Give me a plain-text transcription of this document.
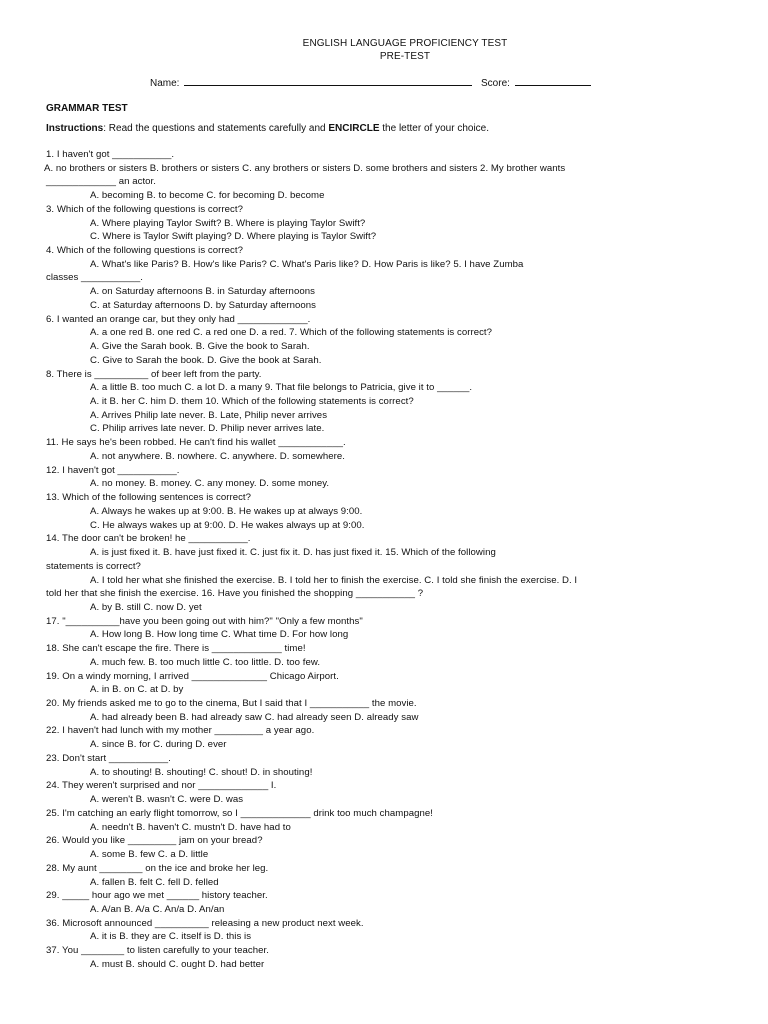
ENGLISH LANGUAGE PROFICIENCY TEST
PRE-TEST
Name:	Score:
GRAMMAR TEST
Instructions: Read the questions and statements carefully and ENCIRCLE the letter of your choice.
1. I haven't got ___________.
A. no brothers or sisters B. brothers or sisters C. any brothers or sisters D. some brothers and sisters 2. My brother wants
_____________ an actor.
A. becoming B. to become C. for becoming D. become
3. Which of the following questions is correct?
A. Where playing Taylor Swift? B. Where is playing Taylor Swift?
C. Where is Taylor Swift playing? D. Where playing is Taylor Swift?
4. Which of the following questions is correct?
A. What's like Paris? B. How's like Paris? C. What's Paris like? D. How Paris is like? 5. I have Zumba
classes ___________.
A. on Saturday afternoons B. in Saturday afternoons
C. at Saturday afternoons D. by Saturday afternoons
6. I wanted an orange car, but they only had _____________.
A. a one red B. one red C. a red one D. a red. 7. Which of the following statements is correct?
A. Give the Sarah book. B. Give the book to Sarah.
C. Give to Sarah the book. D. Give the book at Sarah.
8. There is __________ of beer left from the party.
A. a little B. too much C. a lot D. a many 9. That file belongs to Patricia, give it to ______.
A. it B. her C. him D. them 10. Which of the following statements is correct?
A. Arrives Philip late never. B. Late, Philip never arrives
C. Philip arrives late never. D. Philip never arrives late.
11. He says he's been robbed. He can't find his wallet ____________.
A. not anywhere. B. nowhere. C. anywhere. D. somewhere.
12. I haven't got ___________.
A. no money. B. money. C. any money. D. some money.
13. Which of the following sentences is correct?
A. Always he wakes up at 9:00. B. He wakes up at always 9:00.
C. He always wakes up at 9:00. D. He wakes always up at 9:00.
14. The door can't be broken! he ___________.
A. is just fixed it. B. have just fixed it. C. just fix it. D. has just fixed it. 15. Which of the following
statements is correct?
A. I told her what she finished the exercise. B. I told her to finish the exercise. C. I told she finish the exercise. D. I
told her that she finish the exercise. 16. Have you finished the shopping ___________ ?
A. by B. still C. now D. yet
17. "__________have you been going out with him?" "Only a few months"
A. How long B. How long time C. What time D. For how long
18. She can't escape the fire. There is _____________ time!
A. much few. B. too much little C. too little. D. too few.
19. On a windy morning, I arrived ______________ Chicago Airport.
A. in B. on C. at D. by
20. My friends asked me to go to the cinema, But I said that I ___________ the movie.
A. had already been B. had already saw C. had already seen D. already saw
22. I haven't had lunch with my mother _________ a year ago.
A. since B. for C. during D. ever
23. Don't start ___________.
A. to shouting! B. shouting! C. shout! D. in shouting!
24. They weren't surprised and nor _____________ I.
A. weren't B. wasn't C. were D. was
25. I'm catching an early flight tomorrow, so I _____________ drink too much champagne!
A. needn't B. haven't C. mustn't D. have had to
26. Would you like _________ jam on your bread?
A. some B. few C. a D. little
28. My aunt ________ on the ice and broke her leg.
A. fallen B. felt C. fell D. felled
29. _____ hour ago we met ______ history teacher.
A. A/an B. A/a C. An/a D. An/an
36. Microsoft announced __________ releasing a new product next week.
A. it is B. they are C. itself is D. this is
37. You ________ to listen carefully to your teacher.
A. must B. should C. ought D. had better
